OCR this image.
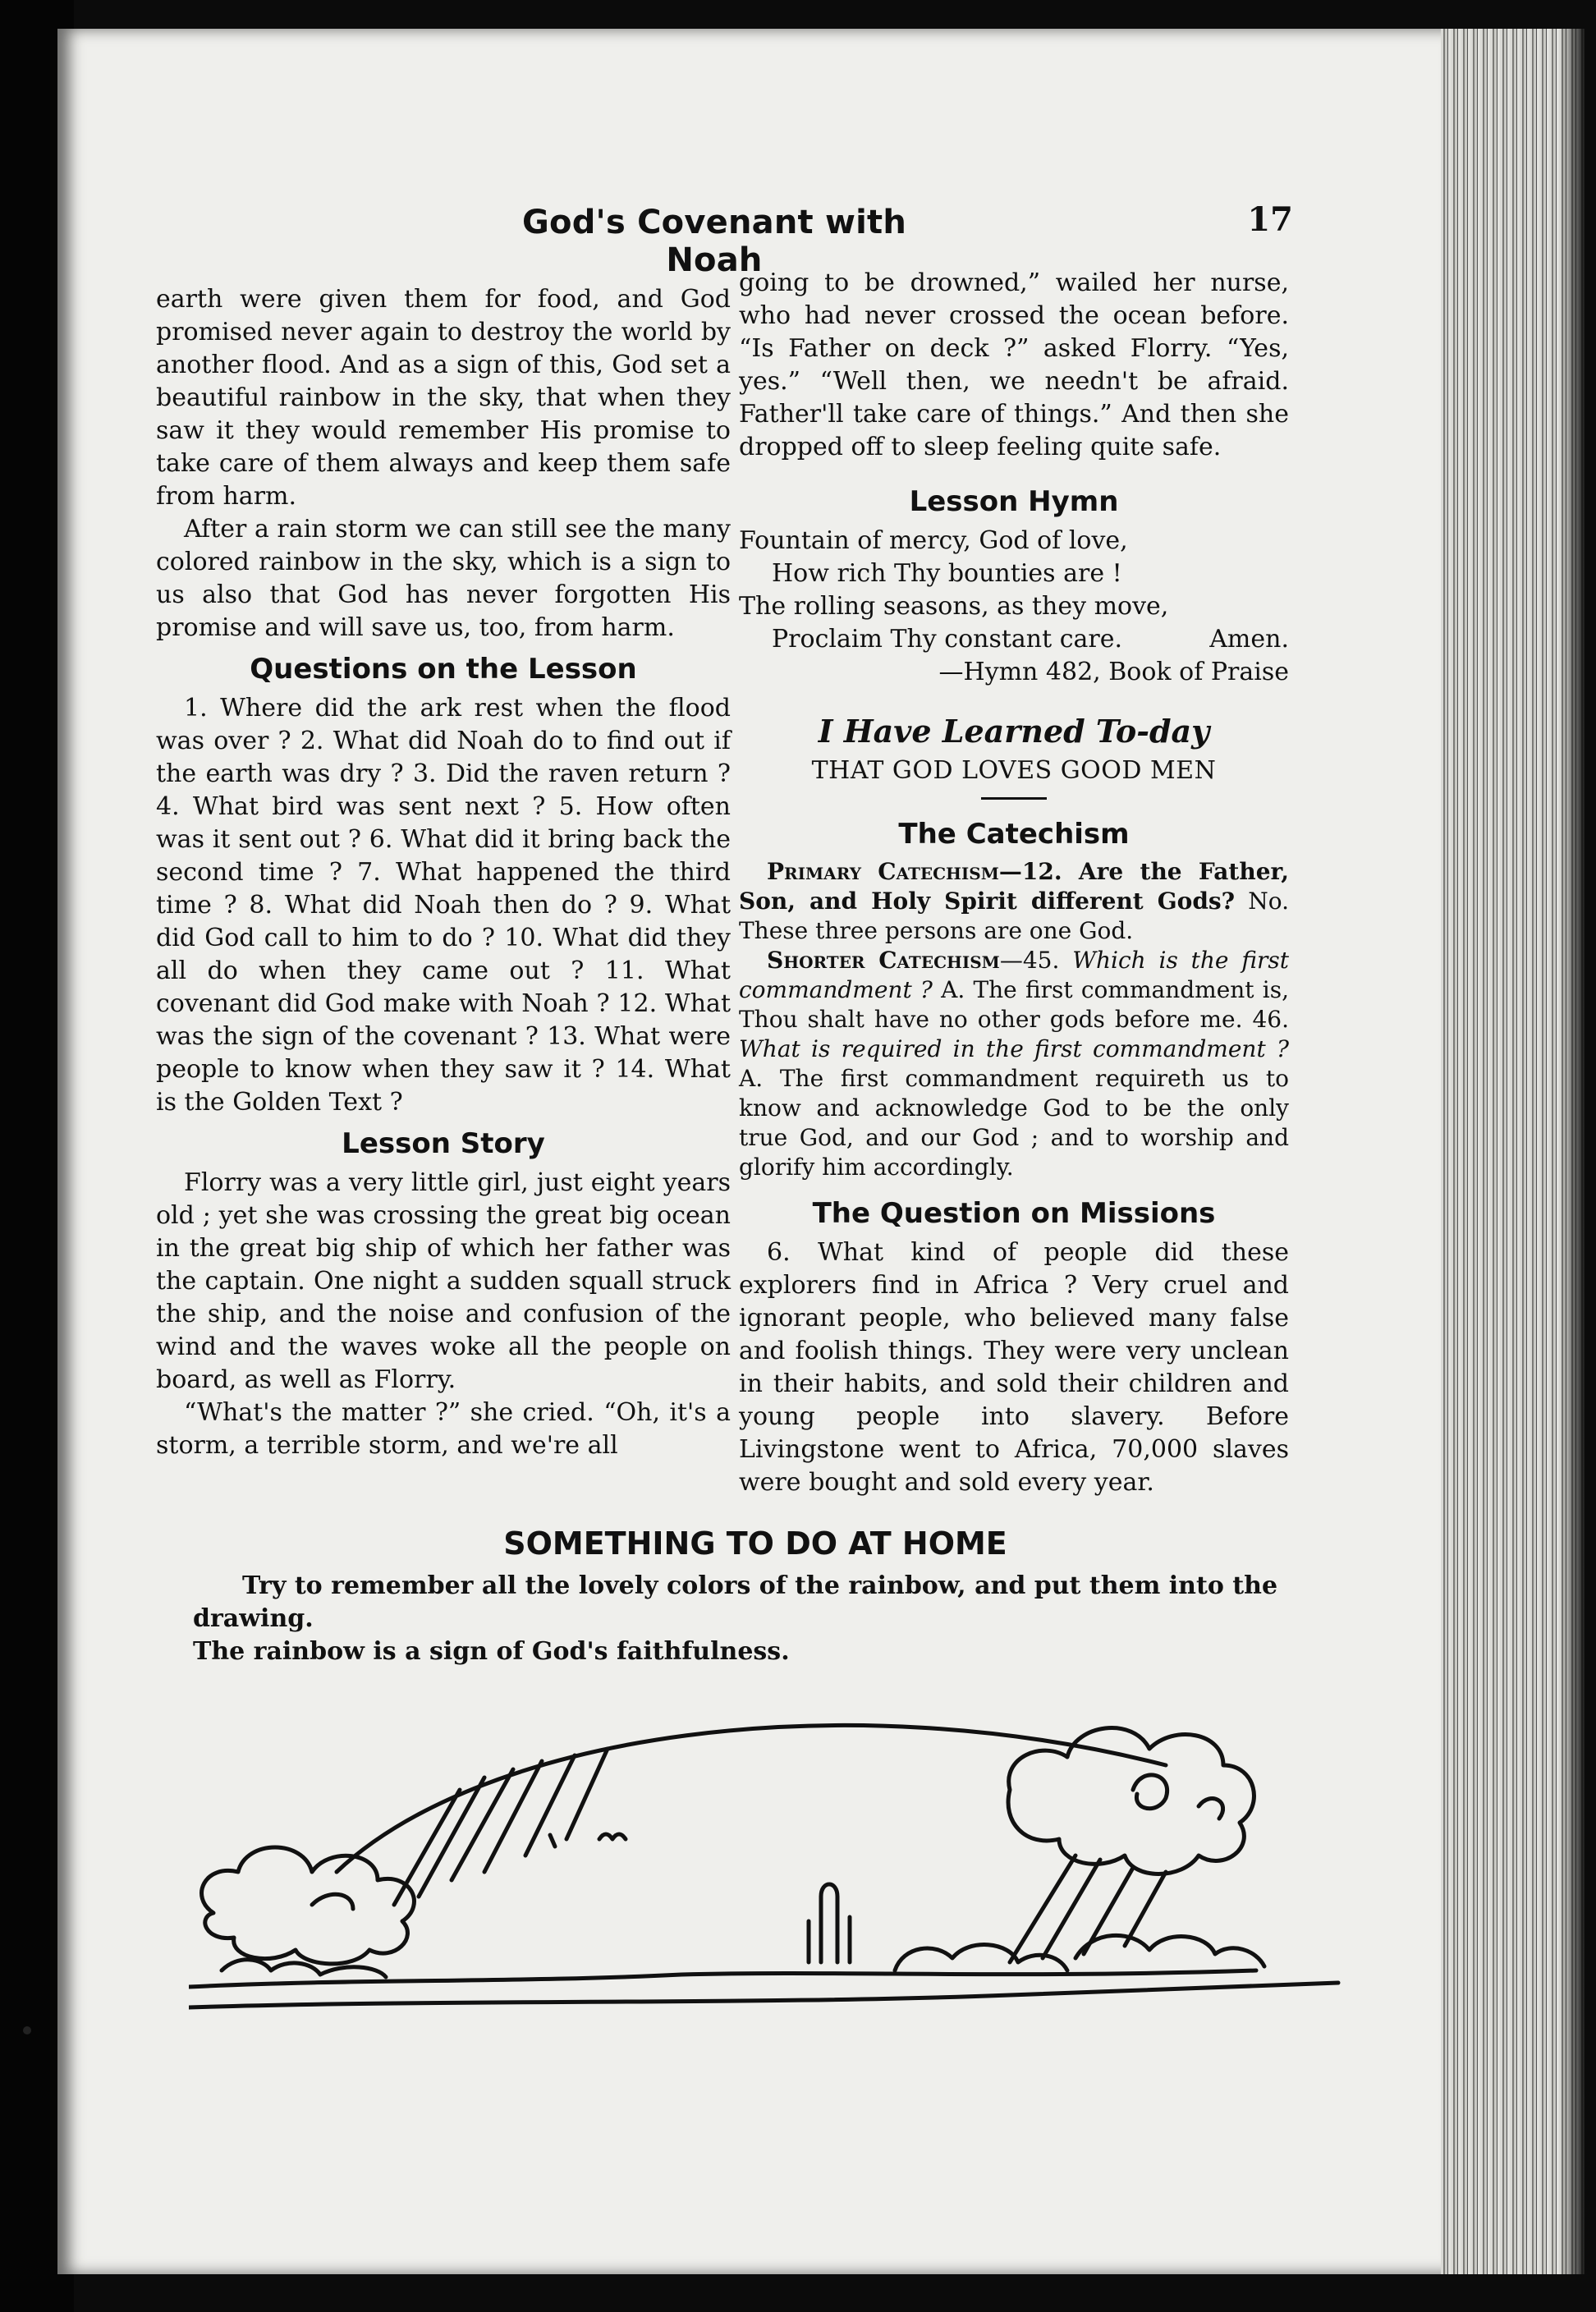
God's Covenant with Noah
17

earth were given them for food, and God promised never again to destroy the world by another flood. And as a sign of this, God set a beautiful rainbow in the sky, that when they saw it they would remember His promise to take care of them always and keep them safe from harm.

After a rain storm we can still see the many colored rainbow in the sky, which is a sign to us also that God has never forgotten His promise and will save us, too, from harm.

Questions on the Lesson

1. Where did the ark rest when the flood was over ? 2. What did Noah do to find out if the earth was dry ? 3. Did the raven return ? 4. What bird was sent next ? 5. How often was it sent out ? 6. What did it bring back the second time ? 7. What happened the third time ? 8. What did Noah then do ? 9. What did God call to him to do ? 10. What did they all do when they came out ? 11. What covenant did God make with Noah ? 12. What was the sign of the covenant ? 13. What were people to know when they saw it ? 14. What is the Golden Text ?

Lesson Story

Florry was a very little girl, just eight years old ; yet she was crossing the great big ocean in the great big ship of which her father was the captain. One night a sudden squall struck the ship, and the noise and confusion of the wind and the waves woke all the people on board, as well as Florry.

“What's the matter ?” she cried. “Oh, it's a storm, a terrible storm, and we're all

going to be drowned,” wailed her nurse, who had never crossed the ocean before. “Is Father on deck ?” asked Florry. “Yes, yes.” “Well then, we needn't be afraid. Father'll take care of things.” And then she dropped off to sleep feeling quite safe.

Lesson Hymn
Fountain of mercy, God of love,
How rich Thy bounties are !
The rolling seasons, as they move,
Proclaim Thy constant care.	Amen.
—Hymn 482, Book of Praise
I Have Learned To-day
THAT GOD LOVES GOOD MEN
The Catechism

Primary Catechism—12. Are the Father, Son, and Holy Spirit different Gods? No. These three persons are one God.

Shorter Catechism—45. Which is the first commandment ? A. The first commandment is, Thou shalt have no other gods before me. 46. What is required in the first commandment ? A. The first commandment requireth us to know and acknowledge God to be the only true God, and our God ; and to worship and glorify him accordingly.

The Question on Missions

6. What kind of people did these explorers find in Africa ? Very cruel and ignorant people, who believed many false and foolish things. They were very unclean in their habits, and sold their children and young people into slavery. Before Livingstone went to Africa, 70,000 slaves were bought and sold every year.

SOMETHING TO DO AT HOME
Try to remember all the lovely colors of the rainbow, and put them into the drawing.
The rainbow is a sign of God's faithfulness.
